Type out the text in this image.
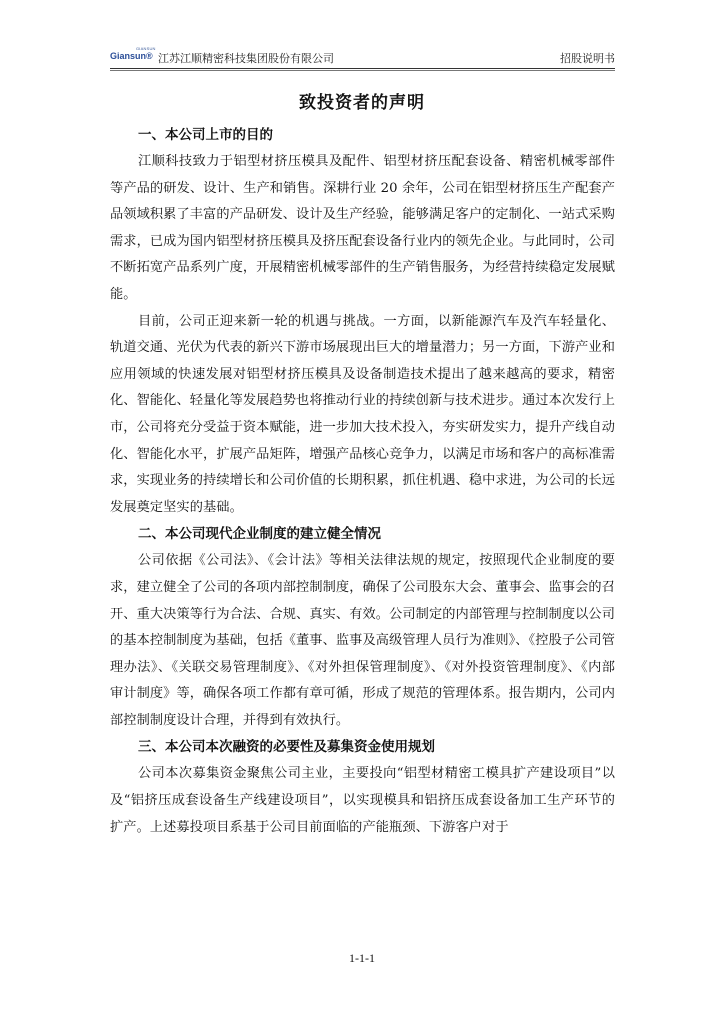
GIANSUN
Giansun® 江苏江顺精密科技集团股份有限公司	招股说明书
致投资者的声明
一、本公司上市的目的

江顺科技致力于铝型材挤压模具及配件、铝型材挤压配套设备、精密机械零部件等产品的研发、设计、生产和销售。深耕行业 20 余年，公司在铝型材挤压生产配套产品领域积累了丰富的产品研发、设计及生产经验，能够满足客户的定制化、一站式采购需求，已成为国内铝型材挤压模具及挤压配套设备行业内的领先企业。与此同时，公司不断拓宽产品系列广度，开展精密机械零部件的生产销售服务，为经营持续稳定发展赋能。

目前，公司正迎来新一轮的机遇与挑战。一方面，以新能源汽车及汽车轻量化、轨道交通、光伏为代表的新兴下游市场展现出巨大的增量潜力；另一方面，下游产业和应用领域的快速发展对铝型材挤压模具及设备制造技术提出了越来越高的要求，精密化、智能化、轻量化等发展趋势也将推动行业的持续创新与技术进步。通过本次发行上市，公司将充分受益于资本赋能，进一步加大技术投入，夯实研发实力，提升产线自动化、智能化水平，扩展产品矩阵，增强产品核心竞争力，以满足市场和客户的高标准需求，实现业务的持续增长和公司价值的长期积累，抓住机遇、稳中求进，为公司的长远发展奠定坚实的基础。

二、本公司现代企业制度的建立健全情况

公司依据《公司法》、《会计法》等相关法律法规的规定，按照现代企业制度的要求，建立健全了公司的各项内部控制制度，确保了公司股东大会、董事会、监事会的召开、重大决策等行为合法、合规、真实、有效。公司制定的内部管理与控制制度以公司的基本控制制度为基础，包括《董事、监事及高级管理人员行为准则》、《控股子公司管理办法》、《关联交易管理制度》、《对外担保管理制度》、《对外投资管理制度》、《内部审计制度》等，确保各项工作都有章可循，形成了规范的管理体系。报告期内，公司内部控制制度设计合理，并得到有效执行。

三、本公司本次融资的必要性及募集资金使用规划

公司本次募集资金聚焦公司主业，主要投向“铝型材精密工模具扩产建设项目”以及“铝挤压成套设备生产线建设项目”，以实现模具和铝挤压成套设备加工生产环节的扩产。上述募投项目系基于公司目前面临的产能瓶颈、下游客户对于

1-1-1
